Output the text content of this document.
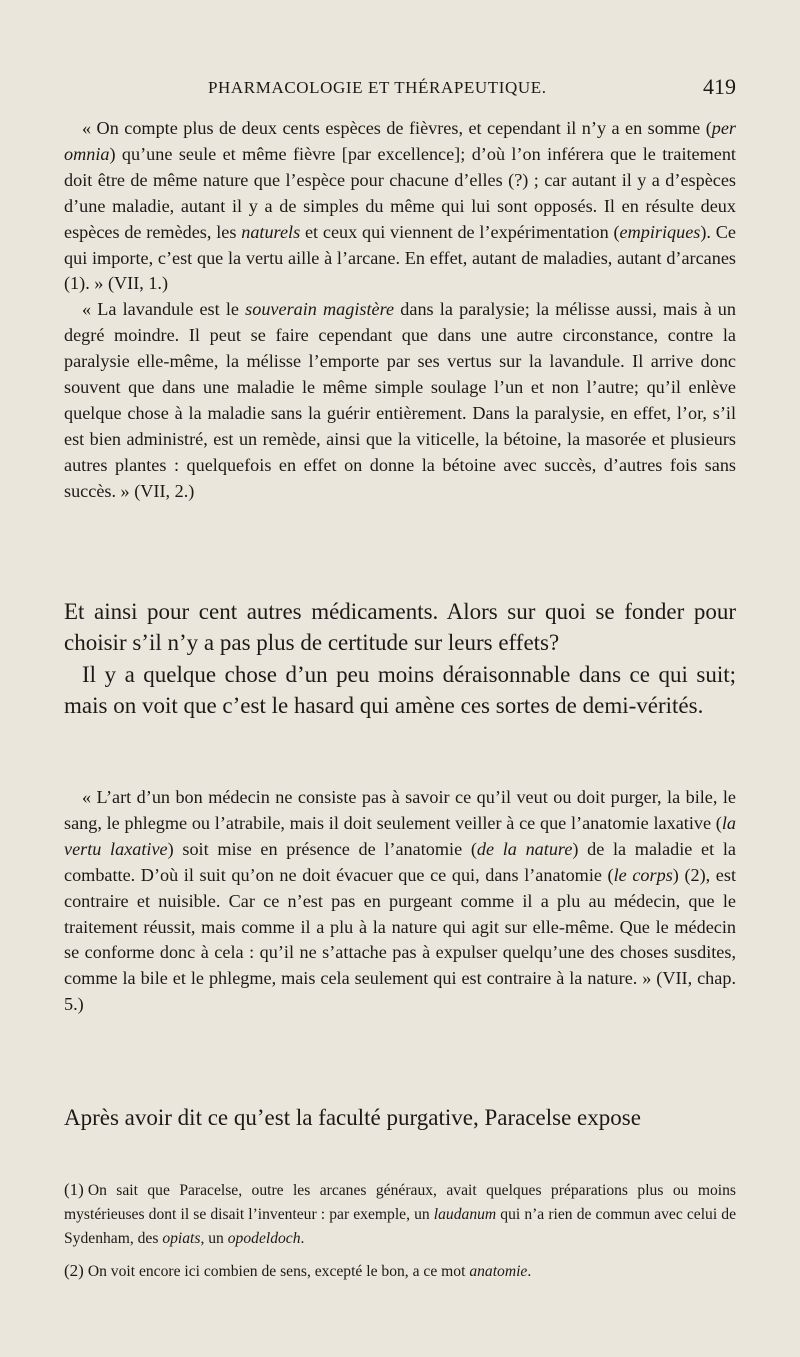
PHARMACOLOGIE ET THÉRAPEUTIQUE.	419

« On compte plus de deux cents espèces de fièvres, et cependant il n’y a en somme (per omnia) qu’une seule et même fièvre [par excellence]; d’où l’on inférera que le traitement doit être de même nature que l’espèce pour chacune d’elles (?) ; car autant il y a d’espèces d’une maladie, autant il y a de simples du même qui lui sont opposés. Il en résulte deux espèces de remèdes, les naturels et ceux qui viennent de l’expérimentation (empiriques). Ce qui importe, c’est que la vertu aille à l’arcane. En effet, autant de maladies, autant d’arcanes (1). » (VII, 1.)

« La lavandule est le souverain magistère dans la paralysie; la mélisse aussi, mais à un degré moindre. Il peut se faire cependant que dans une autre circonstance, contre la paralysie elle-même, la mélisse l’emporte par ses vertus sur la lavandule. Il arrive donc souvent que dans une maladie le même simple soulage l’un et non l’autre; qu’il enlève quelque chose à la maladie sans la guérir entièrement. Dans la paralysie, en effet, l’or, s’il est bien administré, est un remède, ainsi que la viticelle, la bétoine, la masorée et plusieurs autres plantes : quelquefois en effet on donne la bétoine avec succès, d’autres fois sans succès. » (VII, 2.)

Et ainsi pour cent autres médicaments. Alors sur quoi se fonder pour choisir s’il n’y a pas plus de certitude sur leurs effets?

Il y a quelque chose d’un peu moins déraisonnable dans ce qui suit; mais on voit que c’est le hasard qui amène ces sortes de demi-vérités.

« L’art d’un bon médecin ne consiste pas à savoir ce qu’il veut ou doit purger, la bile, le sang, le phlegme ou l’atrabile, mais il doit seulement veiller à ce que l’anatomie laxative (la vertu laxative) soit mise en présence de l’anatomie (de la nature) de la maladie et la combatte. D’où il suit qu’on ne doit évacuer que ce qui, dans l’anatomie (le corps) (2), est contraire et nuisible. Car ce n’est pas en purgeant comme il a plu au médecin, que le traitement réussit, mais comme il a plu à la nature qui agit sur elle-même. Que le médecin se conforme donc à cela : qu’il ne s’attache pas à expulser quelqu’une des choses susdites, comme la bile et le phlegme, mais cela seulement qui est contraire à la nature. » (VII, chap. 5.)

Après avoir dit ce qu’est la faculté purgative, Paracelse expose

(1) On sait que Paracelse, outre les arcanes généraux, avait quelques préparations plus ou moins mystérieuses dont il se disait l’inventeur : par exemple, un laudanum qui n’a rien de commun avec celui de Sydenham, des opiats, un opodeldoch.

(2) On voit encore ici combien de sens, excepté le bon, a ce mot anatomie.
